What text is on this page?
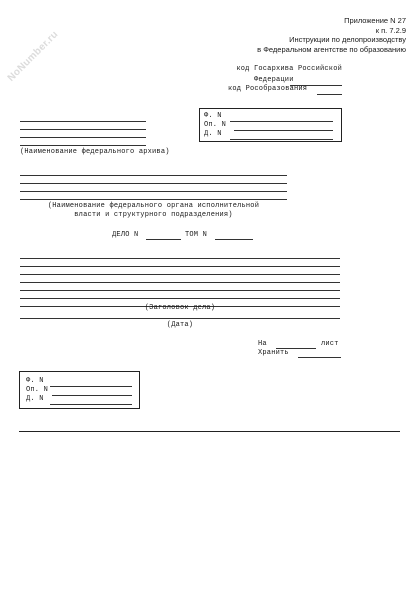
NoNumber.ru
Приложение N 27
к п. 7.2.9
Инструкции по делопроизводству
в Федеральном агентстве по образованию
код Госархива Российской
Федерации
код Рособразования
Ф. N
Оп. N
Д. N
(Наименование федерального архива)
(Наименование федерального органа исполнительной
власти и структурного подразделения)
ДЕЛО N	ТОМ N
(Заголовок дела)
(Дата)
На	лист
Хранить
Ф. N
Оп. N
Д. N
